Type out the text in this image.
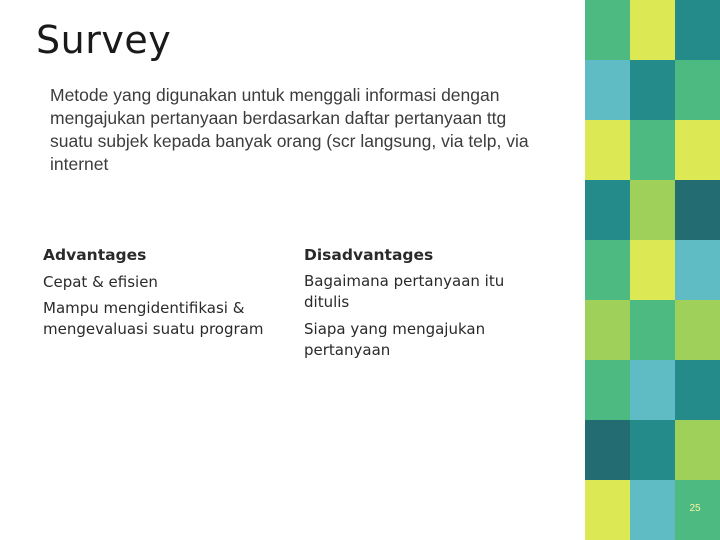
Survey
Metode yang digunakan untuk menggali informasi dengan mengajukan pertanyaan berdasarkan daftar pertanyaan ttg suatu subjek kepada banyak orang (scr langsung, via telp, via internet
Advantages
Cepat & efisien
Mampu mengidentifikasi & mengevaluasi suatu program
Disadvantages
Bagaimana pertanyaan itu ditulis
Siapa yang mengajukan pertanyaan
25
